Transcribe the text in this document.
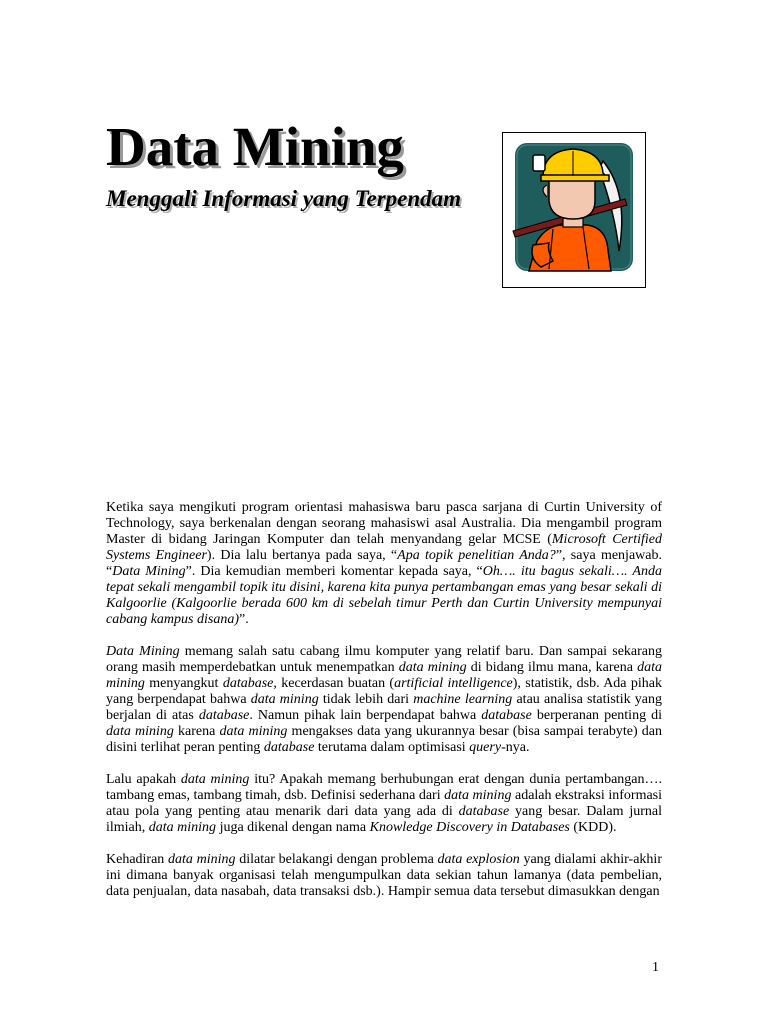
Data Mining
Menggali Informasi yang Terpendam

Ketika saya mengikuti program orientasi mahasiswa baru pasca sarjana di Curtin University of Technology, saya berkenalan dengan seorang mahasiswi asal Australia. Dia mengambil program Master di bidang Jaringan Komputer dan telah menyandang gelar MCSE (Microsoft Certified Systems Engineer). Dia lalu bertanya pada saya, “Apa topik penelitian Anda?”, saya menjawab. “Data Mining”. Dia kemudian memberi komentar kepada saya, “Oh…. itu bagus sekali…. Anda tepat sekali mengambil topik itu disini, karena kita punya pertambangan emas yang besar sekali di Kalgoorlie (Kalgoorlie berada 600 km di sebelah timur Perth dan Curtin University mempunyai cabang kampus disana)”.

Data Mining memang salah satu cabang ilmu komputer yang relatif baru. Dan sampai sekarang orang masih memperdebatkan untuk menempatkan data mining di bidang ilmu mana, karena data mining menyangkut database, kecerdasan buatan (artificial intelligence), statistik, dsb. Ada pihak yang berpendapat bahwa data mining tidak lebih dari machine learning atau analisa statistik yang berjalan di atas database. Namun pihak lain berpendapat bahwa database berperanan penting di data mining karena data mining mengakses data yang ukurannya besar (bisa sampai terabyte) dan disini terlihat peran penting database terutama dalam optimisasi query-nya.

Lalu apakah data mining itu? Apakah memang berhubungan erat dengan dunia pertambangan…. tambang emas, tambang timah, dsb. Definisi sederhana dari data mining adalah ekstraksi informasi atau pola yang penting atau menarik dari data yang ada di database yang besar. Dalam jurnal ilmiah, data mining juga dikenal dengan nama Knowledge Discovery in Databases (KDD).

Kehadiran data mining dilatar belakangi dengan problema data explosion yang dialami akhir-akhir ini dimana banyak organisasi telah mengumpulkan data sekian tahun lamanya (data pembelian, data penjualan, data nasabah, data transaksi dsb.). Hampir semua data tersebut dimasukkan dengan

1
